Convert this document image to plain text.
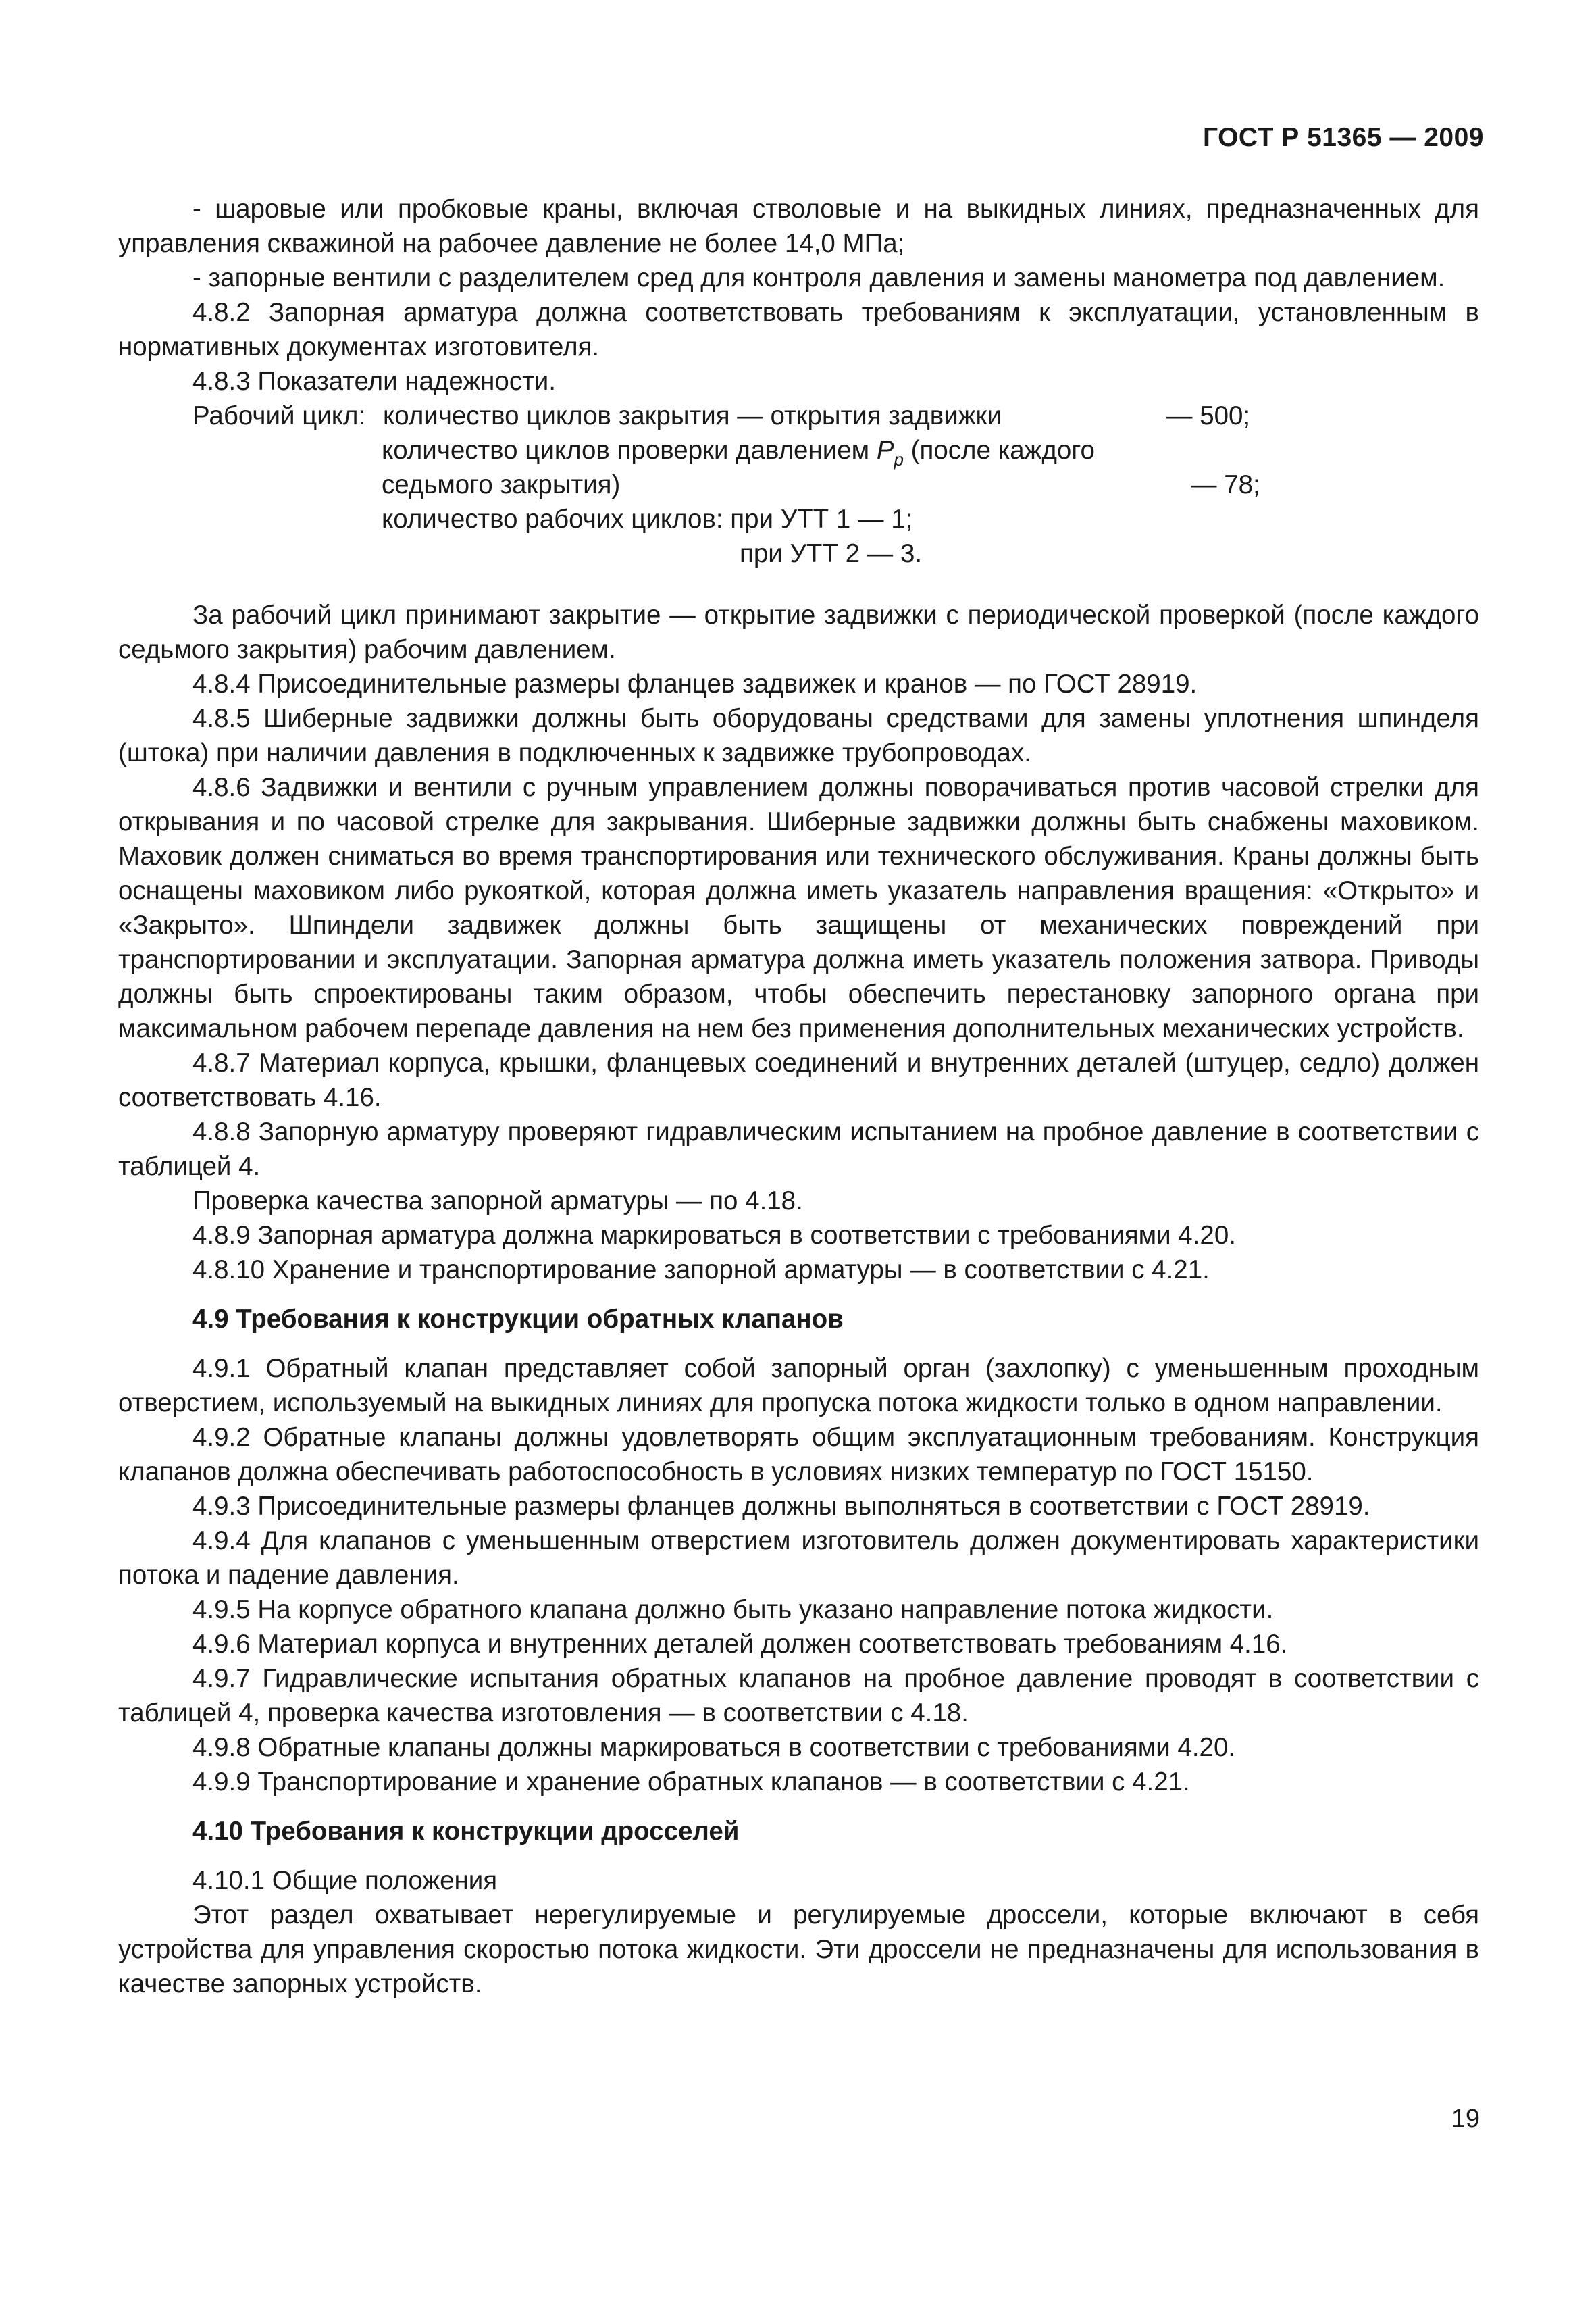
ГОСТ Р 51365 — 2009

- шаровые или пробковые краны, включая стволовые и на выкидных линиях, предназначенных для управления скважиной на рабочее давление не более 14,0 МПа;

- запорные вентили с разделителем сред для контроля давления и замены манометра под давлением.

4.8.2 Запорная арматура должна соответствовать требованиям к эксплуатации, установленным в нормативных документах изготовителя.

4.8.3 Показатели надежности.

Рабочий цикл: количество циклов закрытия — открытия задвижки	— 500;
количество циклов проверки давлением $P_p$ (после каждого
седьмого закрытия)	— 78;
количество рабочих циклов: при УТТ 1 — 1;
при УТТ 2 — 3.

За рабочий цикл принимают закрытие — открытие задвижки с периодической проверкой (после каждого седьмого закрытия) рабочим давлением.

4.8.4 Присоединительные размеры фланцев задвижек и кранов — по ГОСТ 28919.

4.8.5 Шиберные задвижки должны быть оборудованы средствами для замены уплотнения шпинделя (штока) при наличии давления в подключенных к задвижке трубопроводах.

4.8.6 Задвижки и вентили с ручным управлением должны поворачиваться против часовой стрелки для открывания и по часовой стрелке для закрывания. Шиберные задвижки должны быть снабжены маховиком. Маховик должен сниматься во время транспортирования или технического обслуживания. Краны должны быть оснащены маховиком либо рукояткой, которая должна иметь указатель направления вращения: «Открыто» и «Закрыто». Шпиндели задвижек должны быть защищены от механических повреждений при транспортировании и эксплуатации. Запорная арматура должна иметь указатель положения затвора. Приводы должны быть спроектированы таким образом, чтобы обеспечить перестановку запорного органа при максимальном рабочем перепаде давления на нем без применения дополнительных механических устройств.

4.8.7 Материал корпуса, крышки, фланцевых соединений и внутренних деталей (штуцер, седло) должен соответствовать 4.16.

4.8.8 Запорную арматуру проверяют гидравлическим испытанием на пробное давление в соответствии с таблицей 4.

Проверка качества запорной арматуры — по 4.18.

4.8.9 Запорная арматура должна маркироваться в соответствии с требованиями 4.20.

4.8.10 Хранение и транспортирование запорной арматуры — в соответствии с 4.21.

4.9 Требования к конструкции обратных клапанов

4.9.1 Обратный клапан представляет собой запорный орган (захлопку) с уменьшенным проходным отверстием, используемый на выкидных линиях для пропуска потока жидкости только в одном направлении.

4.9.2 Обратные клапаны должны удовлетворять общим эксплуатационным требованиям. Конструкция клапанов должна обеспечивать работоспособность в условиях низких температур по ГОСТ 15150.

4.9.3 Присоединительные размеры фланцев должны выполняться в соответствии с ГОСТ 28919.

4.9.4 Для клапанов с уменьшенным отверстием изготовитель должен документировать характеристики потока и падение давления.

4.9.5 На корпусе обратного клапана должно быть указано направление потока жидкости.

4.9.6 Материал корпуса и внутренних деталей должен соответствовать требованиям 4.16.

4.9.7 Гидравлические испытания обратных клапанов на пробное давление проводят в соответствии с таблицей 4, проверка качества изготовления — в соответствии с 4.18.

4.9.8 Обратные клапаны должны маркироваться в соответствии с требованиями 4.20.

4.9.9 Транспортирование и хранение обратных клапанов — в соответствии с 4.21.

4.10 Требования к конструкции дросселей

4.10.1 Общие положения

Этот раздел охватывает нерегулируемые и регулируемые дроссели, которые включают в себя устройства для управления скоростью потока жидкости. Эти дроссели не предназначены для использования в качестве запорных устройств.

19
